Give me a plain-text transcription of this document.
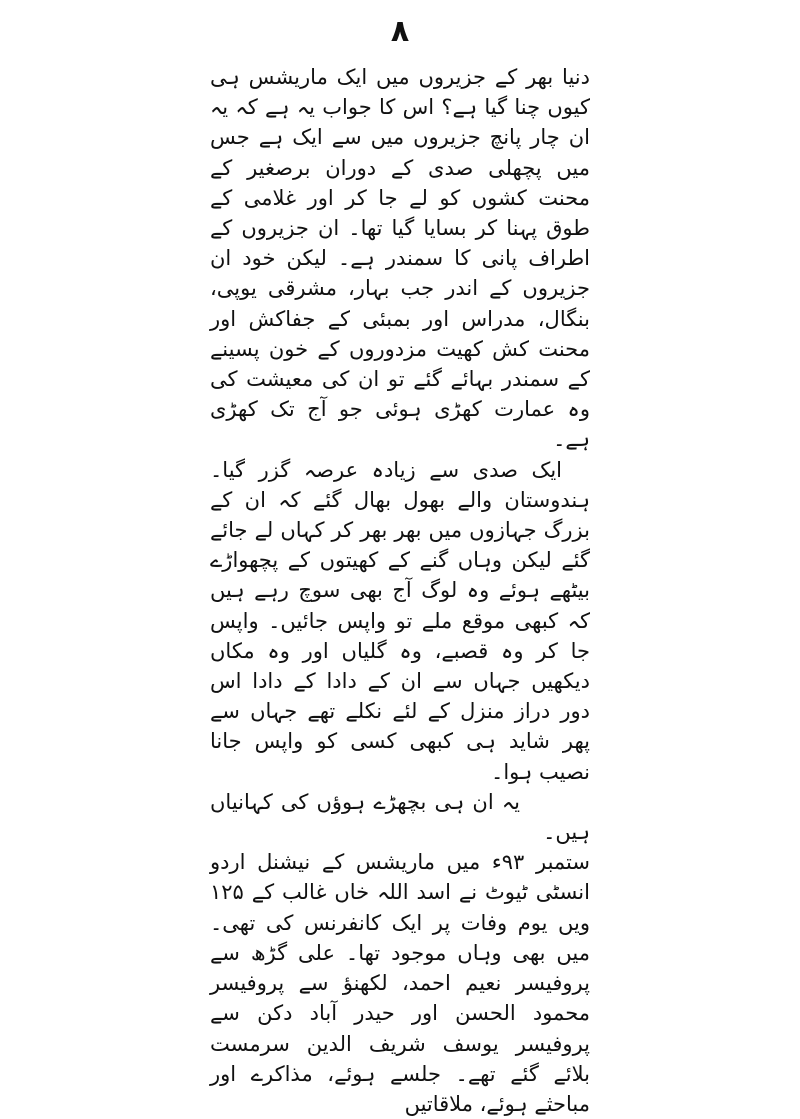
۸

دنیا بھر کے جزیروں میں ایک ماریشس ہی کیوں چنا گیا ہے؟ اس کا جواب یہ ہے کہ یہ ان چار پانچ جزیروں میں سے ایک ہے جس میں پچھلی صدی کے دوران برصغیر کے محنت کشوں کو لے جا کر اور غلامی کے طوق پہنا کر بسایا گیا تھا۔ ان جزیروں کے اطراف پانی کا سمندر ہے۔ لیکن خود ان جزیروں کے اندر جب بہار، مشرقی یوپی، بنگال، مدراس اور بمبئی کے جفاکش اور محنت کش کھیت مزدوروں کے خون پسینے کے سمندر بہائے گئے تو ان کی معیشت کی وہ عمارت کھڑی ہوئی جو آج تک کھڑی ہے۔

ایک صدی سے زیادہ عرصہ گزر گیا۔ ہندوستان والے بھول بھال گئے کہ ان کے بزرگ جہازوں میں بھر بھر کر کہاں لے جائے گئے لیکن وہاں گنے کے کھیتوں کے پچھواڑے بیٹھے ہوئے وہ لوگ آج بھی سوچ رہے ہیں کہ کبھی موقع ملے تو واپس جائیں۔ واپس جا کر وہ قصبے، وہ گلیاں اور وہ مکاں دیکھیں جہاں سے ان کے دادا کے دادا اس دور دراز منزل کے لئے نکلے تھے جہاں سے پھر شاید ہی کبھی کسی کو واپس جانا نصیب ہوا۔

یہ ان ہی بچھڑے ہوؤں کی کہانیاں ہیں۔

ستمبر ۹۳ء میں ماریشس کے نیشنل اردو انسٹی ٹیوٹ نے اسد اللہ خاں غالب کے ۱۲۵ ویں یوم وفات پر ایک کانفرنس کی تھی۔ میں بھی وہاں موجود تھا۔ علی گڑھ سے پروفیسر نعیم احمد، لکھنؤ سے پروفیسر محمود الحسن اور حیدر آباد دکن سے پروفیسر یوسف شریف الدین سرمست بلائے گئے تھے۔ جلسے ہوئے، مذاکرے اور مباحثے ہوئے، ملاقاتیں
